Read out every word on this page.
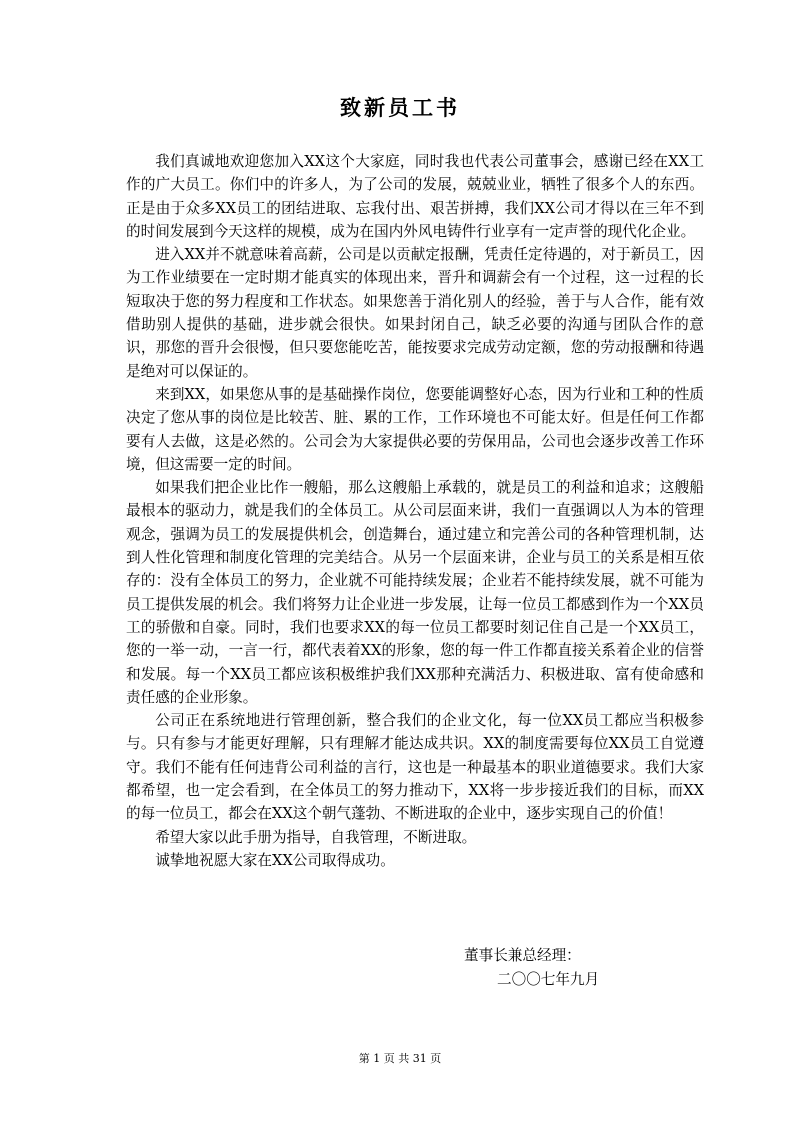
致新员工书

我们真诚地欢迎您加入XX这个大家庭，同时我也代表公司董事会，感谢已经在XX工作的广大员工。你们中的许多人，为了公司的发展，兢兢业业，牺牲了很多个人的东西。正是由于众多XX员工的团结进取、忘我付出、艰苦拼搏，我们XX公司才得以在三年不到的时间发展到今天这样的规模，成为在国内外风电铸件行业享有一定声誉的现代化企业。

进入XX并不就意味着高薪，公司是以贡献定报酬，凭责任定待遇的，对于新员工，因为工作业绩要在一定时期才能真实的体现出来，晋升和调薪会有一个过程，这一过程的长短取决于您的努力程度和工作状态。如果您善于消化别人的经验，善于与人合作，能有效借助别人提供的基础，进步就会很快。如果封闭自己，缺乏必要的沟通与团队合作的意识，那您的晋升会很慢，但只要您能吃苦，能按要求完成劳动定额，您的劳动报酬和待遇是绝对可以保证的。

来到XX，如果您从事的是基础操作岗位，您要能调整好心态，因为行业和工种的性质决定了您从事的岗位是比较苦、脏、累的工作，工作环境也不可能太好。但是任何工作都要有人去做，这是必然的。公司会为大家提供必要的劳保用品，公司也会逐步改善工作环境，但这需要一定的时间。

如果我们把企业比作一艘船，那么这艘船上承载的，就是员工的利益和追求；这艘船最根本的驱动力，就是我们的全体员工。从公司层面来讲，我们一直强调以人为本的管理观念，强调为员工的发展提供机会，创造舞台，通过建立和完善公司的各种管理机制，达到人性化管理和制度化管理的完美结合。从另一个层面来讲，企业与员工的关系是相互依存的：没有全体员工的努力，企业就不可能持续发展；企业若不能持续发展，就不可能为员工提供发展的机会。我们将努力让企业进一步发展，让每一位员工都感到作为一个XX员工的骄傲和自豪。同时，我们也要求XX的每一位员工都要时刻记住自己是一个XX员工，您的一举一动，一言一行，都代表着XX的形象，您的每一件工作都直接关系着企业的信誉和发展。每一个XX员工都应该积极维护我们XX那种充满活力、积极进取、富有使命感和责任感的企业形象。

公司正在系统地进行管理创新，整合我们的企业文化，每一位XX员工都应当积极参与。只有参与才能更好理解，只有理解才能达成共识。XX的制度需要每位XX员工自觉遵守。我们不能有任何违背公司利益的言行，这也是一种最基本的职业道德要求。我们大家都希望，也一定会看到，在全体员工的努力推动下，XX将一步步接近我们的目标，而XX的每一位员工，都会在XX这个朝气蓬勃、不断进取的企业中，逐步实现自己的价值！

希望大家以此手册为指导，自我管理，不断进取。

诚挚地祝愿大家在XX公司取得成功。

董事长兼总经理：
二〇〇七年九月
第 1 页 共 31 页
